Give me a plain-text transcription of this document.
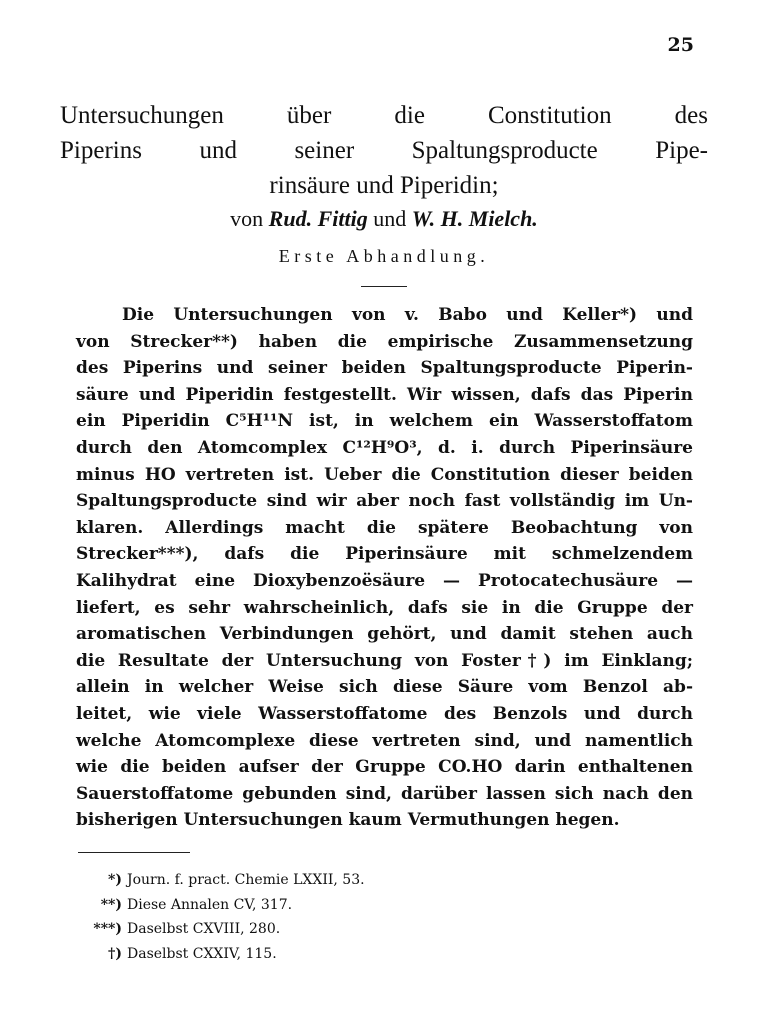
25
Untersuchungen über die Constitution des
Piperins und seiner Spaltungsproducte Pipe-
rinsäure und Piperidin;
von Rud. Fittig und W. H. Mielch.
Erste Abhandlung.
Die Untersuchungen von v. Babo und Keller*) und
von Strecker**) haben die empirische Zusammensetzung
des Piperins und seiner beiden Spaltungsproducte Piperin-
säure und Piperidin festgestellt. Wir wissen, dafs das Piperin
ein Piperidin C⁵H¹¹N ist, in welchem ein Wasserstoffatom
durch den Atomcomplex C¹²H⁹O³, d. i. durch Piperinsäure
minus HO vertreten ist. Ueber die Constitution dieser beiden
Spaltungsproducte sind wir aber noch fast vollständig im Un-
klaren. Allerdings macht die spätere Beobachtung von
Strecker***), dafs die Piperinsäure mit schmelzendem
Kalihydrat eine Dioxybenzoësäure — Protocatechusäure —
liefert, es sehr wahrscheinlich, dafs sie in die Gruppe der
aromatischen Verbindungen gehört, und damit stehen auch
die Resultate der Untersuchung von Foster†) im Einklang;
allein in welcher Weise sich diese Säure vom Benzol ab-
leitet, wie viele Wasserstoffatome des Benzols und durch
welche Atomcomplexe diese vertreten sind, und namentlich
wie die beiden aufser der Gruppe CO.HO darin enthaltenen
Sauerstoffatome gebunden sind, darüber lassen sich nach den
bisherigen Untersuchungen kaum Vermuthungen hegen.
*) Journ. f. pract. Chemie LXXII, 53.
**) Diese Annalen CV, 317.
***) Daselbst CXVIII, 280.
†) Daselbst CXXIV, 115.
